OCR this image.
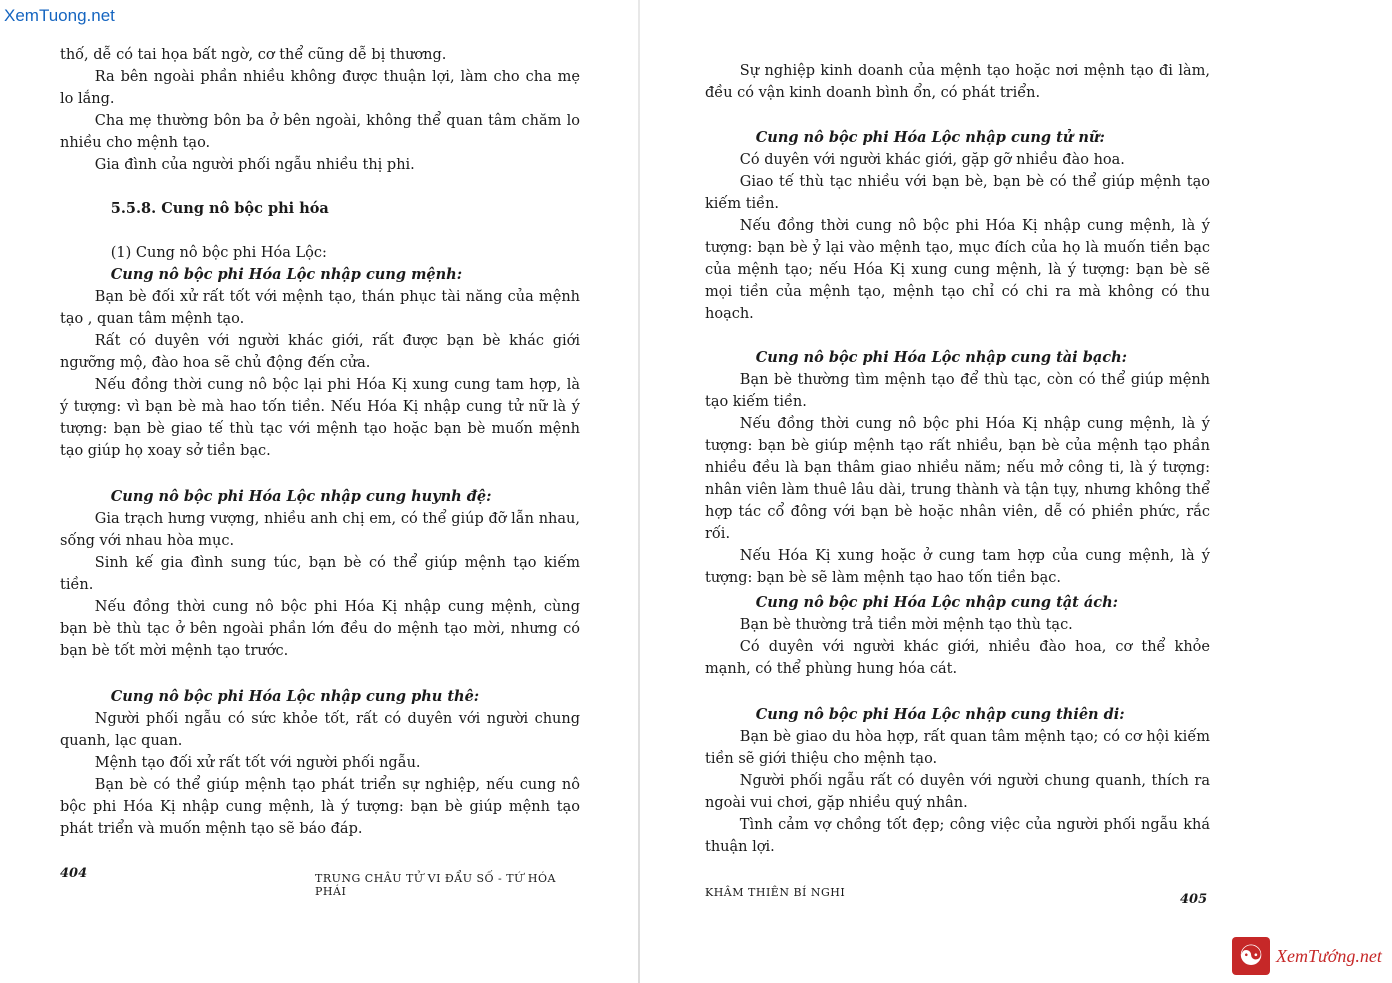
XemTuong.net

thố, dễ có tai họa bất ngờ, cơ thể cũng dễ bị thương.

Ra bên ngoài phần nhiều không được thuận lợi, làm cho cha mẹ lo lắng.

Cha mẹ thường bôn ba ở bên ngoài, không thể quan tâm chăm lo nhiều cho mệnh tạo.

Gia đình của người phối ngẫu nhiều thị phi.

5.5.8. Cung nô bộc phi hóa

(1) Cung nô bộc phi Hóa Lộc:

Cung nô bộc phi Hóa Lộc nhập cung mệnh:

Bạn bè đối xử rất tốt với mệnh tạo, thán phục tài năng của mệnh tạo , quan tâm mệnh tạo.

Rất có duyên với người khác giới, rất được bạn bè khác giới ngưỡng mộ, đào hoa sẽ chủ động đến cửa.

Nếu đồng thời cung nô bộc lại phi Hóa Kị xung cung tam hợp, là ý tượng: vì bạn bè mà hao tốn tiền. Nếu Hóa Kị nhập cung tử nữ là ý tượng: bạn bè giao tế thù tạc với mệnh tạo hoặc bạn bè muốn mệnh tạo giúp họ xoay sở tiền bạc.

Cung nô bộc phi Hóa Lộc nhập cung huynh đệ:

Gia trạch hưng vượng, nhiều anh chị em, có thể giúp đỡ lẫn nhau, sống với nhau hòa mục.

Sinh kế gia đình sung túc, bạn bè có thể giúp mệnh tạo kiếm tiền.

Nếu đồng thời cung nô bộc phi Hóa Kị nhập cung mệnh, cùng bạn bè thù tạc ở bên ngoài phần lớn đều do mệnh tạo mời, nhưng có bạn bè tốt mời mệnh tạo trước.

Cung nô bộc phi Hóa Lộc nhập cung phu thê:

Người phối ngẫu có sức khỏe tốt, rất có duyên với người chung quanh, lạc quan.

Mệnh tạo đối xử rất tốt với người phối ngẫu.

Bạn bè có thể giúp mệnh tạo phát triển sự nghiệp, nếu cung nô bộc phi Hóa Kị nhập cung mệnh, là ý tượng: bạn bè giúp mệnh tạo phát triển và muốn mệnh tạo sẽ báo đáp.

404	TRUNG CHÂU TỬ VI ĐẨU SỐ - TỨ HÓA PHÁI

Sự nghiệp kinh doanh của mệnh tạo hoặc nơi mệnh tạo đi làm, đều có vận kinh doanh bình ổn, có phát triển.

Cung nô bộc phi Hóa Lộc nhập cung tử nữ:

Có duyên với người khác giới, gặp gỡ nhiều đào hoa.

Giao tế thù tạc nhiều với bạn bè, bạn bè có thể giúp mệnh tạo kiếm tiền.

Nếu đồng thời cung nô bộc phi Hóa Kị nhập cung mệnh, là ý tượng: bạn bè ỷ lại vào mệnh tạo, mục đích của họ là muốn tiền bạc của mệnh tạo; nếu Hóa Kị xung cung mệnh, là ý tượng: bạn bè sẽ mọi tiền của mệnh tạo, mệnh tạo chỉ có chi ra mà không có thu hoạch.

Cung nô bộc phi Hóa Lộc nhập cung tài bạch:

Bạn bè thường tìm mệnh tạo để thù tạc, còn có thể giúp mệnh tạo kiếm tiền.

Nếu đồng thời cung nô bộc phi Hóa Kị nhập cung mệnh, là ý tượng: bạn bè giúp mệnh tạo rất nhiều, bạn bè của mệnh tạo phần nhiều đều là bạn thâm giao nhiều năm; nếu mở công ti, là ý tượng: nhân viên làm thuê lâu dài, trung thành và tận tụy, nhưng không thể hợp tác cổ đông với bạn bè hoặc nhân viên, dễ có phiền phức, rắc rối.

Nếu Hóa Kị xung hoặc ở cung tam hợp của cung mệnh, là ý tượng: bạn bè sẽ làm mệnh tạo hao tốn tiền bạc.

Cung nô bộc phi Hóa Lộc nhập cung tật ách:

Bạn bè thường trả tiền mời mệnh tạo thù tạc.

Có duyên với người khác giới, nhiều đào hoa, cơ thể khỏe mạnh, có thể phùng hung hóa cát.

Cung nô bộc phi Hóa Lộc nhập cung thiên di:

Bạn bè giao du hòa hợp, rất quan tâm mệnh tạo; có cơ hội kiếm tiền sẽ giới thiệu cho mệnh tạo.

Người phối ngẫu rất có duyên với người chung quanh, thích ra ngoài vui chơi, gặp nhiều quý nhân.

Tình cảm vợ chồng tốt đẹp; công việc của người phối ngẫu khá thuận lợi.

KHÂM THIÊN BÍ NGHI	405
☯ XemTướng.net
